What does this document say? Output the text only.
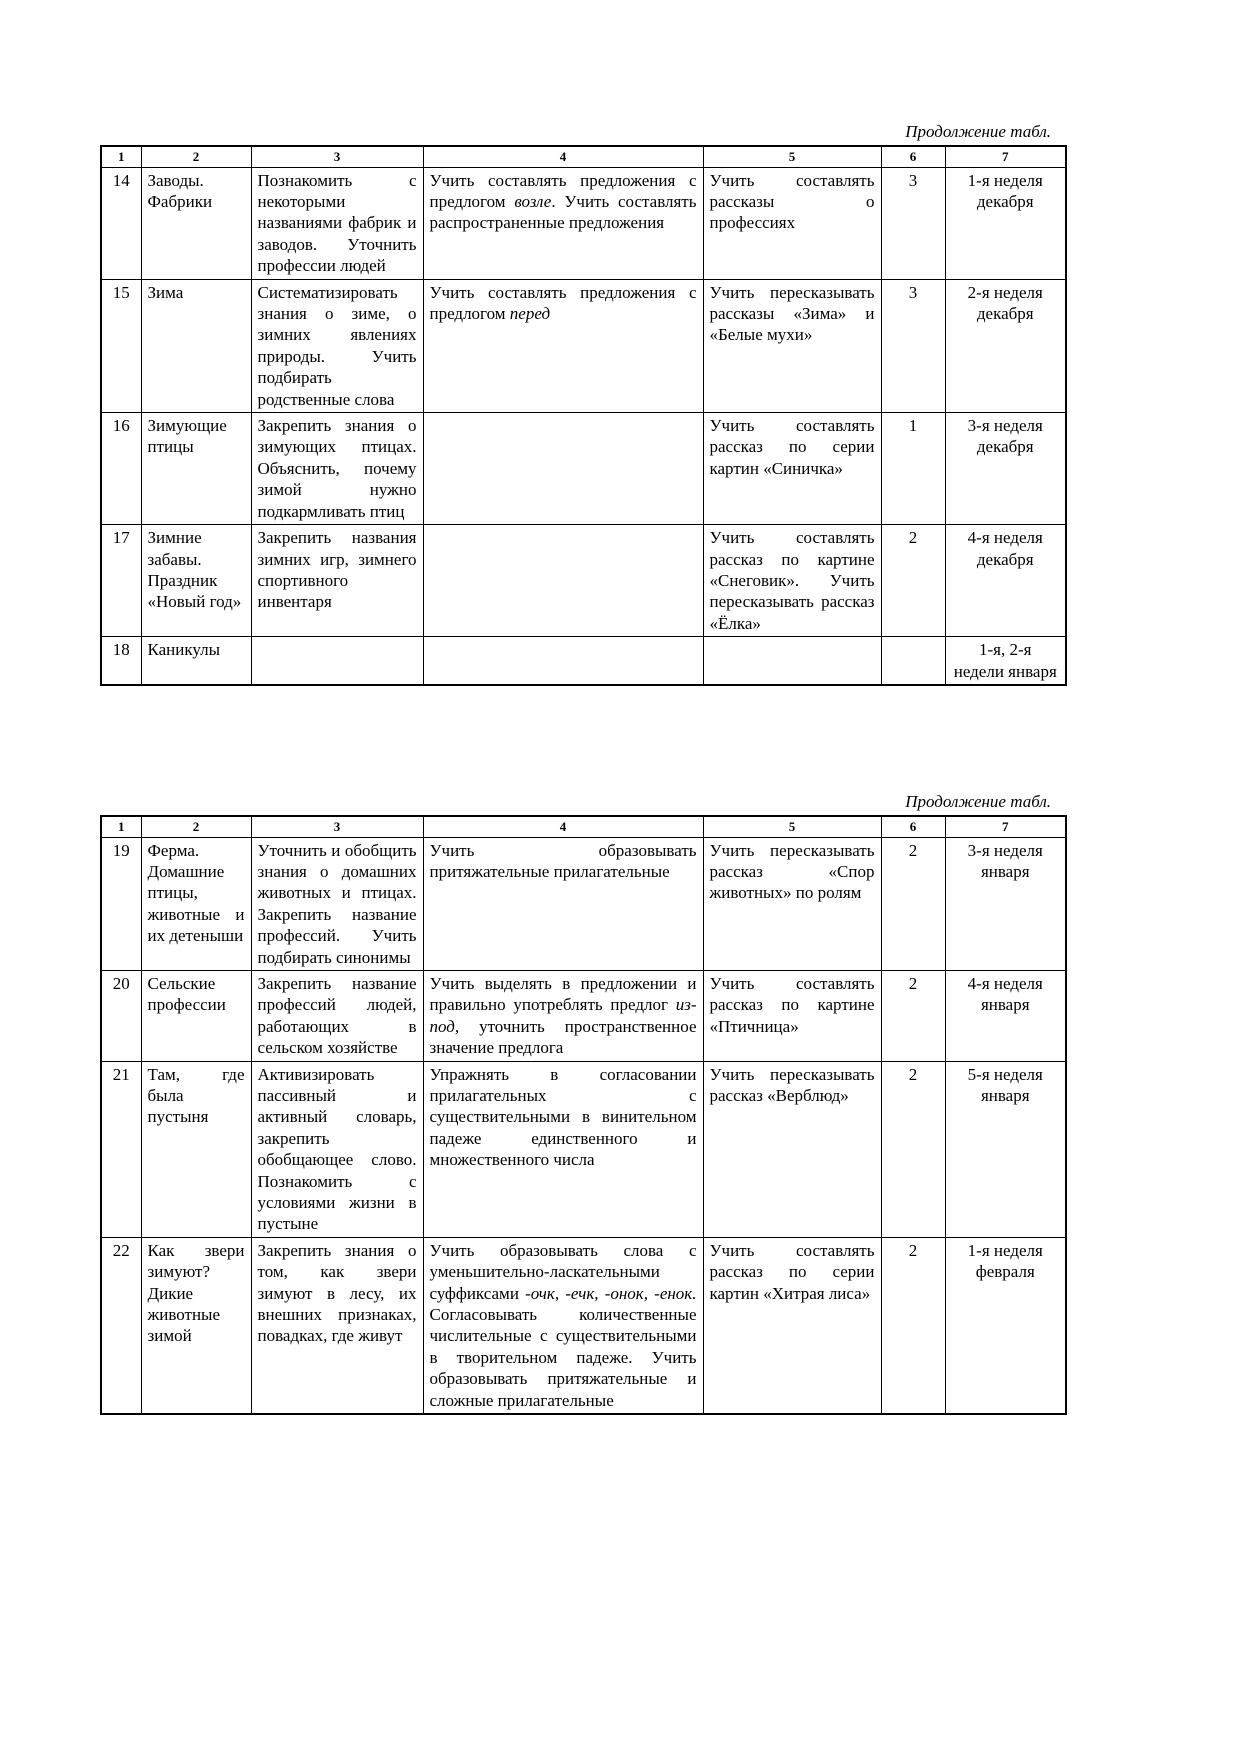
Продолжение табл.
1	2	3	4	5	6	7
14	Заводы. Фабрики	Познакомить с некоторыми названиями фабрик и заводов. Уточнить профессии людей	Учить составлять предложения с предлогом возле. Учить составлять распространенные предложения	Учить составлять рассказы о профессиях	3	1-я неделя декабря
15	Зима	Систематизировать знания о зиме, о зимних явлениях природы. Учить подбирать родственные слова	Учить составлять предложения с предлогом перед	Учить пересказывать рассказы «Зима» и «Белые мухи»	3	2-я неделя декабря
16	Зимующие птицы	Закрепить знания о зимующих птицах. Объяснить, почему зимой нужно подкармливать птиц		Учить составлять рассказ по серии картин «Синичка»	1	3-я неделя декабря
17	Зимние забавы. Праздник «Новый год»	Закрепить названия зимних игр, зимнего спортивного инвентаря		Учить составлять рассказ по картине «Снеговик». Учить пересказывать рассказ «Ёлка»	2	4-я неделя декабря
18	Каникулы					1-я, 2-я недели января
Продолжение табл.
1	2	3	4	5	6	7
19	Ферма. Домашние птицы, животные и их детеныши	Уточнить и обобщить знания о домашних животных и птицах. Закрепить название профессий. Учить подбирать синонимы	Учить образовывать притяжательные прилагательные	Учить пересказывать рассказ «Спор животных» по ролям	2	3-я неделя января
20	Сельские профессии	Закрепить название профессий людей, работающих в сельском хозяйстве	Учить выделять в предложении и правильно употреблять предлог из-под, уточнить пространственное значение предлога	Учить составлять рассказ по картине «Птичница»	2	4-я неделя января
21	Там, где была пустыня	Активизировать пассивный и активный словарь, закрепить обобщающее слово. Познакомить с условиями жизни в пустыне	Упражнять в согласовании прилагательных с существительными в винительном падеже единственного и множественного числа	Учить пересказывать рассказ «Верблюд»	2	5-я неделя января
22	Как звери зимуют? Дикие животные зимой	Закрепить знания о том, как звери зимуют в лесу, их внешних признаках, повадках, где живут	Учить образовывать слова с уменьшительно-ласкательными суффиксами -очк, -ечк, -онок, -енок. Согласовывать количественные числительные с существительными в творительном падеже. Учить образовывать притяжательные и сложные прилагательные	Учить составлять рассказ по серии картин «Хитрая лиса»	2	1-я неделя февраля
